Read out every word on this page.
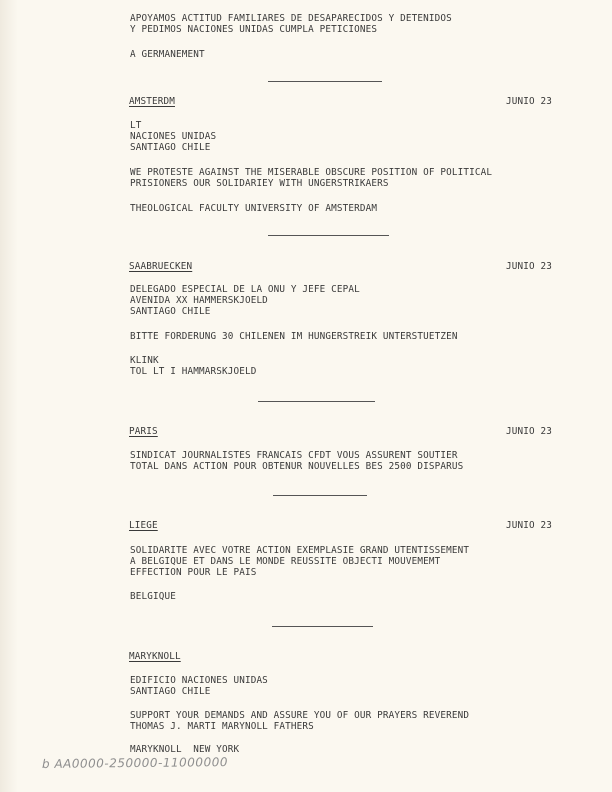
APOYAMOS ACTITUD FAMILIARES DE DESAPARECIDOS Y DETENIDOS
Y PEDIMOS NACIONES UNIDAS CUMPLA PETICIONES
A GERMANEMENT
AMSTERDM	JUNIO 23
LT
NACIONES UNIDAS
SANTIAGO CHILE
WE PROTESTE AGAINST THE MISERABLE OBSCURE POSITION OF POLITICAL
PRISIONERS OUR SOLIDARIEY WITH UNGERSTRIKAERS
THEOLOGICAL FACULTY UNIVERSITY OF AMSTERDAM
SAABRUECKEN	JUNIO 23
DELEGADO ESPECIAL DE LA ONU Y JEFE CEPAL
AVENIDA XX HAMMERSKJOELD
SANTIAGO CHILE
BITTE FORDERUNG 30 CHILENEN IM HUNGERSTREIK UNTERSTUETZEN
KLINK
TOL LT I HAMMARSKJOELD
PARIS	JUNIO 23
SINDICAT JOURNALISTES FRANCAIS CFDT VOUS ASSURENT SOUTIER
TOTAL DANS ACTION POUR OBTENUR NOUVELLES BES 2500 DISPARUS
LIEGE	JUNIO 23
SOLIDARITE AVEC VOTRE ACTION EXEMPLASIE GRAND UTENTISSEMENT
A BELGIQUE ET DANS LE MONDE REUSSITE OBJECTI MOUVEMEMT
EFFECTION POUR LE PAIS
BELGIQUE
MARYKNOLL
EDIFICIO NACIONES UNIDAS
SANTIAGO CHILE
SUPPORT YOUR DEMANDS AND ASSURE YOU OF OUR PRAYERS REVEREND
THOMAS J. MARTI MARYNOLL FATHERS
MARYKNOLL  NEW YORK
b AA0000-250000-11000000
